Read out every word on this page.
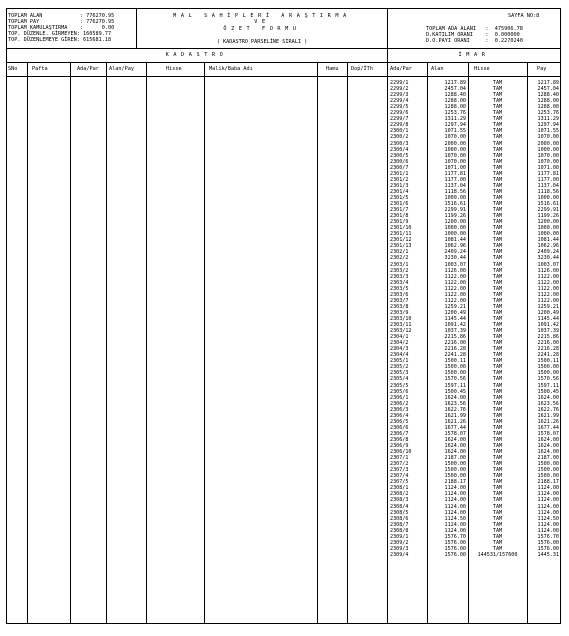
TOPLAM ALAN            : 776270.95
TOPLAM PAY             : 776270.95
TOPLAM KAMULAŞTIRMA    :      0.00
TOP. DÜZENLE. GİRMEYEN: 160589.77
TOP. DÜZENLEMEYE GİREN: 615681.18
MAL SAHİPLERİ ARAŞTIRMA
VE
ÖZET FORMU
( KADASTRO PARSELİNE SIRALI )
SAYFA NO:8
TOPLAM ADA ALANI   :  475906.78
D.KATILIM ORANI    :  0.000000
D.O.PAYI ORANI     :  0.2270240
KADASTRO	İMAR
SNo	Pafta	Ada/Par Alan/Pay	Hisse	Malik/Baba Adı	Hamu Dop/İTh	Ada/Par	Alan	Hisse	Pay
2299/1	1217.89	TAM	1217.89
2299/2	2457.04	TAM	2457.04
2299/3	1288.40	TAM	1288.40
2299/4	1288.00	TAM	1288.00
2299/5	1288.00	TAM	1288.00
2299/6	1253.76	TAM	1253.76
2299/7	1311.29	TAM	1311.29
2299/8	1297.94	TAM	1297.94
2300/1	1071.55	TAM	1071.55
2300/2	1070.00	TAM	1070.00
2300/3	2000.00	TAM	2000.00
2300/4	1000.00	TAM	1000.00
2300/5	1070.00	TAM	1070.00
2300/6	1070.00	TAM	1070.00
2300/7	1071.00	TAM	1071.00
2301/1	1177.81	TAM	1177.81
2301/2	1177.00	TAM	1177.00
2301/3	1137.04	TAM	1137.04
2301/4	1118.56	TAM	1118.56
2301/5	1000.00	TAM	1000.00
2301/6	1516.61	TAM	1516.61
2301/7	2299.91	TAM	2299.91
2301/8	1199.26	TAM	1199.26
2301/9	1200.00	TAM	1200.00
2301/10	1000.00	TAM	1000.00
2301/11	1000.00	TAM	1000.00
2301/12	1081.44	TAM	1081.44
2301/13	1062.96	TAM	1062.96
2302/1	2409.24	TAM	2409.24
2302/2	3230.44	TAM	3230.44
2303/1	1003.07	TAM	1003.07
2303/2	1126.00	TAM	1126.00
2303/3	1122.00	TAM	1122.00
2303/4	1122.00	TAM	1122.00
2303/5	1122.00	TAM	1122.00
2303/6	1122.00	TAM	1122.00
2303/7	1122.00	TAM	1122.00
2303/8	1259.21	TAM	1259.21
2303/9	1200.49	TAM	1200.49
2303/10	1145.44	TAM	1145.44
2303/11	1091.42	TAM	1091.42
2303/12	1037.39	TAM	1037.39
2304/1	2215.86	TAM	2215.86
2304/2	2216.00	TAM	2216.00
2304/3	2216.28	TAM	2216.28
2304/4	2241.28	TAM	2241.28
2305/1	1500.11	TAM	1500.11
2305/2	1500.00	TAM	1500.00
2305/3	1500.00	TAM	1500.00
2305/4	1570.56	TAM	1570.56
2305/5	1597.11	TAM	1597.11
2305/6	1500.45	TAM	1500.45
2306/1	1624.00	TAM	1624.00
2306/2	1623.56	TAM	1623.56
2306/3	1622.76	TAM	1622.76
2306/4	1621.99	TAM	1621.99
2306/5	1621.26	TAM	1621.26
2306/6	1677.44	TAM	1677.44
2306/7	1578.07	TAM	1578.07
2306/8	1624.00	TAM	1624.00
2306/9	1624.00	TAM	1624.00
2306/10	1624.00	TAM	1624.00
2307/1	2187.00	TAM	2187.00
2307/2	1500.00	TAM	1500.00
2307/3	1500.00	TAM	1500.00
2307/4	1500.00	TAM	1500.00
2307/5	2188.17	TAM	2188.17
2308/1	1124.00	TAM	1124.00
2308/2	1124.00	TAM	1124.00
2308/3	1124.00	TAM	1124.00
2308/4	1124.00	TAM	1124.00
2308/5	1124.00	TAM	1124.00
2308/6	1124.50	TAM	1124.50
2308/7	1124.00	TAM	1124.00
2308/8	1124.00	TAM	1124.00
2309/1	1576.70	TAM	1576.70
2309/2	1576.00	TAM	1576.00
2309/3	1576.00	TAM	1576.00
2309/4	1576.00	144531/157600	1445.31
